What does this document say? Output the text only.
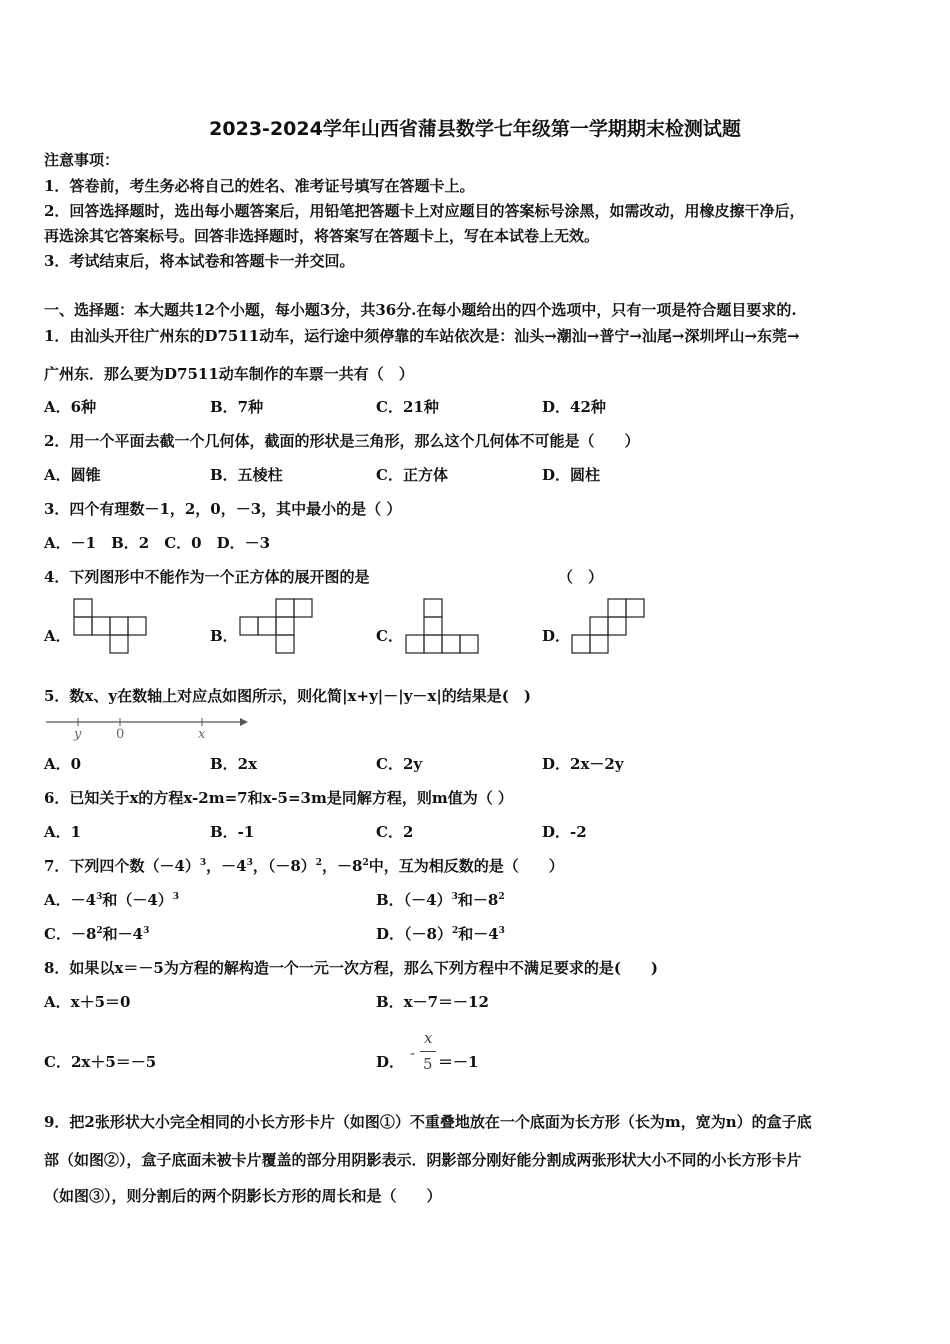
2023-2024学年山西省蒲县数学七年级第一学期期末检测试题
注意事项：
1．答卷前，考生务必将自己的姓名、准考证号填写在答题卡上。
2．回答选择题时，选出每小题答案后，用铅笔把答题卡上对应题目的答案标号涂黑，如需改动，用橡皮擦干净后，
再选涂其它答案标号。回答非选择题时，将答案写在答题卡上，写在本试卷上无效。
3．考试结束后，将本试卷和答题卡一并交回。
一、选择题：本大题共12个小题，每小题3分，共36分.在每小题给出的四个选项中，只有一项是符合题目要求的.
1．由汕头开往广州东的D7511动车，运行途中须停靠的车站依次是：汕头→潮汕→普宁→汕尾→深圳坪山→东莞→
广州东．那么要为D7511动车制作的车票一共有（　）
A．6种	B．7种	C．21种	D．42种
2．用一个平面去截一个几何体，截面的形状是三角形，那么这个几何体不可能是（　　）
A．圆锥	B．五棱柱	C．正方体	D．圆柱
3．四个有理数－1，2，0，－3，其中最小的是（ ）
A．－1　B．2　C．0　D．－3
4．下列图形中不能作为一个正方体的展开图的是	（　）
A．	B．	C．	D．
5．数x、y在数轴上对应点如图所示，则化简|x+y|－|y－x|的结果是(　)
y	0	x
A．0	B．2x	C．2y	D．2x－2y
6．已知关于x的方程x-2m=7和x-5=3m是同解方程，则m值为（ ）
A．1	B．-1	C．2	D．-2
7．下列四个数$(-4)^3$，$-4^3$，$(-8)^2$，$-8^2$中，互为相反数的是（　　）
A．$-4^3$和$(-4)^3$	B．$(-4)^3$和$-8^2$
C．$-8^2$和$-4^3$	D．$(-8)^2$和$-4^3$
8．如果以x＝－5为方程的解构造一个一元一次方程，那么下列方程中不满足要求的是(　　)
A．x＋5＝0	B．x－7＝－12
C．2x＋5＝－5	D． -
x
5 ＝－1
9．把2张形状大小完全相同的小长方形卡片（如图①）不重叠地放在一个底面为长方形（长为m，宽为n）的盒子底
部（如图②），盒子底面未被卡片覆盖的部分用阴影表示．阴影部分刚好能分割成两张形状大小不同的小长方形卡片
（如图③），则分割后的两个阴影长方形的周长和是（　　）
